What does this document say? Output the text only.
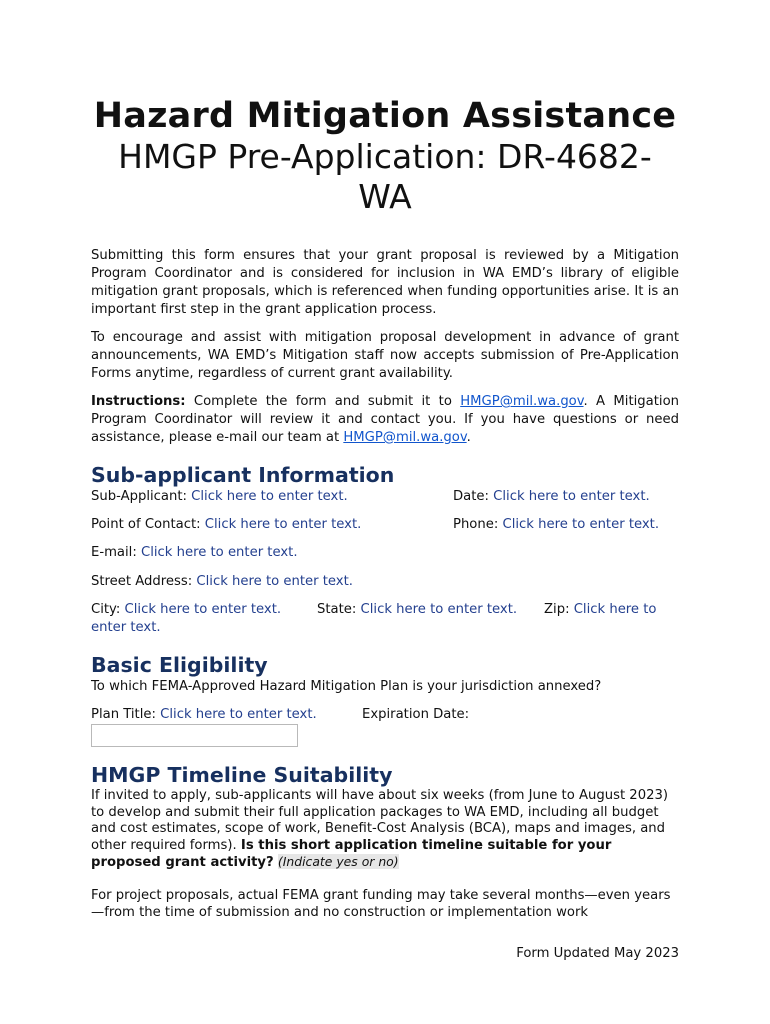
Hazard Mitigation Assistance
HMGP Pre-Application: DR-4682-
WA
Submitting this form ensures that your grant proposal is reviewed by a Mitigation Program Coordinator and is considered for inclusion in WA EMD’s library of eligible mitigation grant proposals, which is referenced when funding opportunities arise. It is an important first step in the grant application process.
To encourage and assist with mitigation proposal development in advance of grant announcements, WA EMD’s Mitigation staff now accepts submission of Pre-Application Forms anytime, regardless of current grant availability.
Instructions: Complete the form and submit it to HMGP@mil.wa.gov. A Mitigation Program Coordinator will review it and contact you. If you have questions or need assistance, please e-mail our team at HMGP@mil.wa.gov.
Sub-applicant Information
Sub-Applicant: Click here to enter text.	Date: Click here to enter text.
Point of Contact: Click here to enter text.	Phone: Click here to enter text.
E-mail: Click here to enter text.
Street Address: Click here to enter text.
City: Click here to enter text.	State: Click here to enter text. Zip: Click here to
enter text.
Basic Eligibility
To which FEMA-Approved Hazard Mitigation Plan is your jurisdiction annexed?
Plan Title: Click here to enter text.	Expiration Date:
HMGP Timeline Suitability
If invited to apply, sub-applicants will have about six weeks (from June to August 2023) to develop and submit their full application packages to WA EMD, including all budget and cost estimates, scope of work, Benefit-Cost Analysis (BCA), maps and images, and other required forms). Is this short application timeline suitable for your proposed grant activity? (Indicate yes or no)
For project proposals, actual FEMA grant funding may take several months—even years—from the time of submission and no construction or implementation work
Form Updated May 2023
